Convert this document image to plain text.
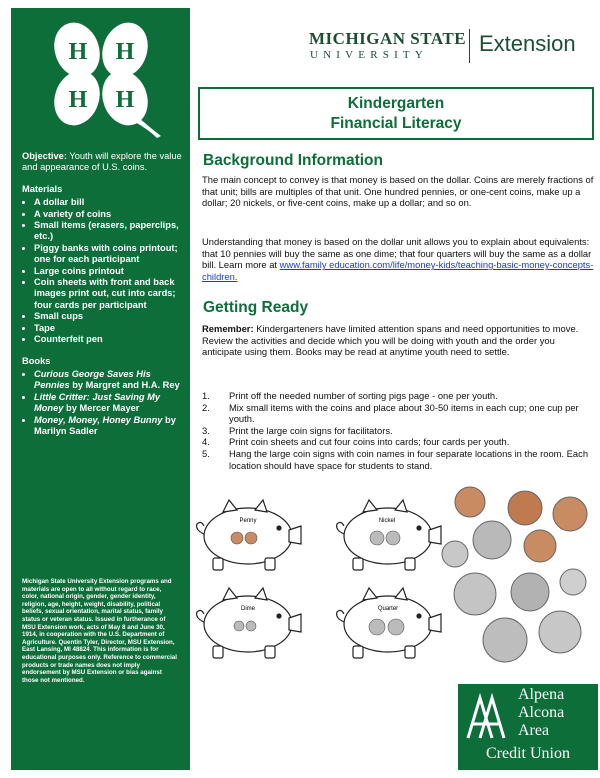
H H
H H
Objective: Youth will explore the value and appearance of U.S. coins.
Materials
• A dollar bill
• A variety of coins
• Small items (erasers, paperclips, etc.)
• Piggy banks with coins printout; one for each participant
• Large coins printout
• Coin sheets with front and back images print out, cut into cards; four cards per participant
• Small cups
• Tape
• Counterfeit pen
Books
• Curious George Saves His Pennies by Margret and H.A. Rey
• Little Critter: Just Saving My Money by Mercer Mayer
• Money, Money, Honey Bunny by Marilyn Sadler
Michigan State University Extension programs and materials are open to all without regard to race, color, national origin, gender, gender identity, religion, age, height, weight, disability, political beliefs, sexual orientation, marital status, family status or veteran status. Issued in furtherance of MSU Extension work, acts of May 8 and June 30, 1914, in cooperation with the U.S. Department of Agriculture. Quentin Tyler, Director, MSU Extension, East Lansing, MI 48824. This information is for educational purposes only. Reference to commercial products or trade names does not imply endorsement by MSU Extension or bias against those not mentioned.
MICHIGAN STATE
UNIVERSITY Extension
Kindergarten
Financial Literacy
Background Information

The main concept to convey is that money is based on the dollar. Coins are merely fractions of that unit; bills are multiples of that unit. One hundred pennies, or one-cent coins, make up a dollar; 20 nickels, or five-cent coins, make up a dollar; and so on.

Understanding that money is based on the dollar unit allows you to explain about equivalents: that 10 pennies will buy the same as one dime; that four quarters will buy the same as a dollar bill. Learn more at www.family education.com/life/money-kids/teaching-basic-money-concepts-children.

Getting Ready

Remember: Kindergarteners have limited attention spans and need opportunities to move. Review the activities and decide which you will be doing with youth and the order you anticipate using them. Books may be read at anytime youth need to settle.

1. Print off the needed number of sorting pigs page - one per youth.
2. Mix small items with the coins and place about 30-50 items in each cup; one cup per youth.
3. Print the large coin signs for facilitators.
4. Print coin sheets and cut four coins into cards; four cards per youth.
5. Hang the large coin signs with coin names in four separate locations in the room. Each location should have space for students to stand.
Penny	Nickel
Dime	Quarter
Alpena
Alcona
Area
Credit Union
